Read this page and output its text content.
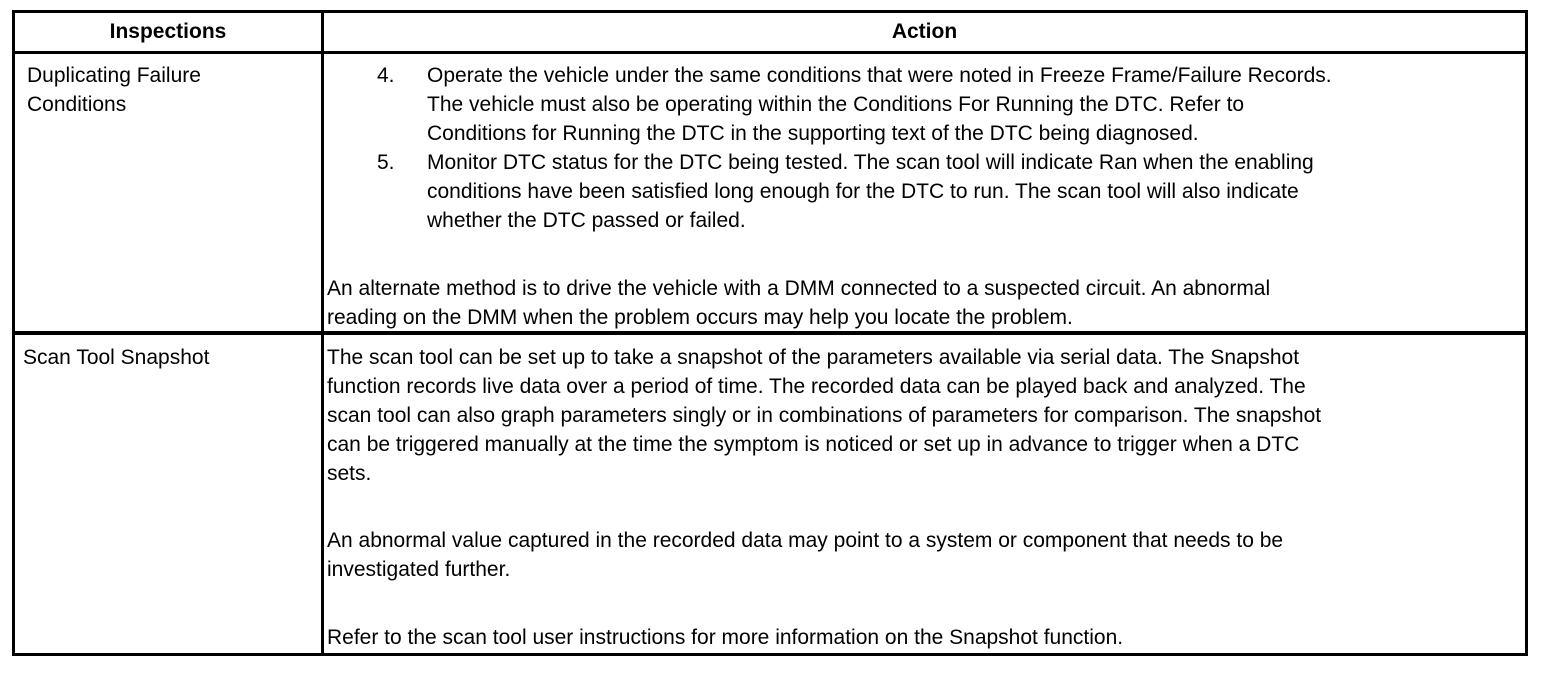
Inspections	Action
Duplicating Failure
Conditions
4. Operate the vehicle under the same conditions that were noted in Freeze Frame/Failure Records.
The vehicle must also be operating within the Conditions For Running the DTC. Refer to
Conditions for Running the DTC in the supporting text of the DTC being diagnosed.
5. Monitor DTC status for the DTC being tested. The scan tool will indicate Ran when the enabling
conditions have been satisfied long enough for the DTC to run. The scan tool will also indicate
whether the DTC passed or failed.
An alternate method is to drive the vehicle with a DMM connected to a suspected circuit. An abnormal
reading on the DMM when the problem occurs may help you locate the problem.
Scan Tool Snapshot	The scan tool can be set up to take a snapshot of the parameters available via serial data. The Snapshot
function records live data over a period of time. The recorded data can be played back and analyzed. The
scan tool can also graph parameters singly or in combinations of parameters for comparison. The snapshot
can be triggered manually at the time the symptom is noticed or set up in advance to trigger when a DTC
sets.
An abnormal value captured in the recorded data may point to a system or component that needs to be
investigated further.
Refer to the scan tool user instructions for more information on the Snapshot function.
